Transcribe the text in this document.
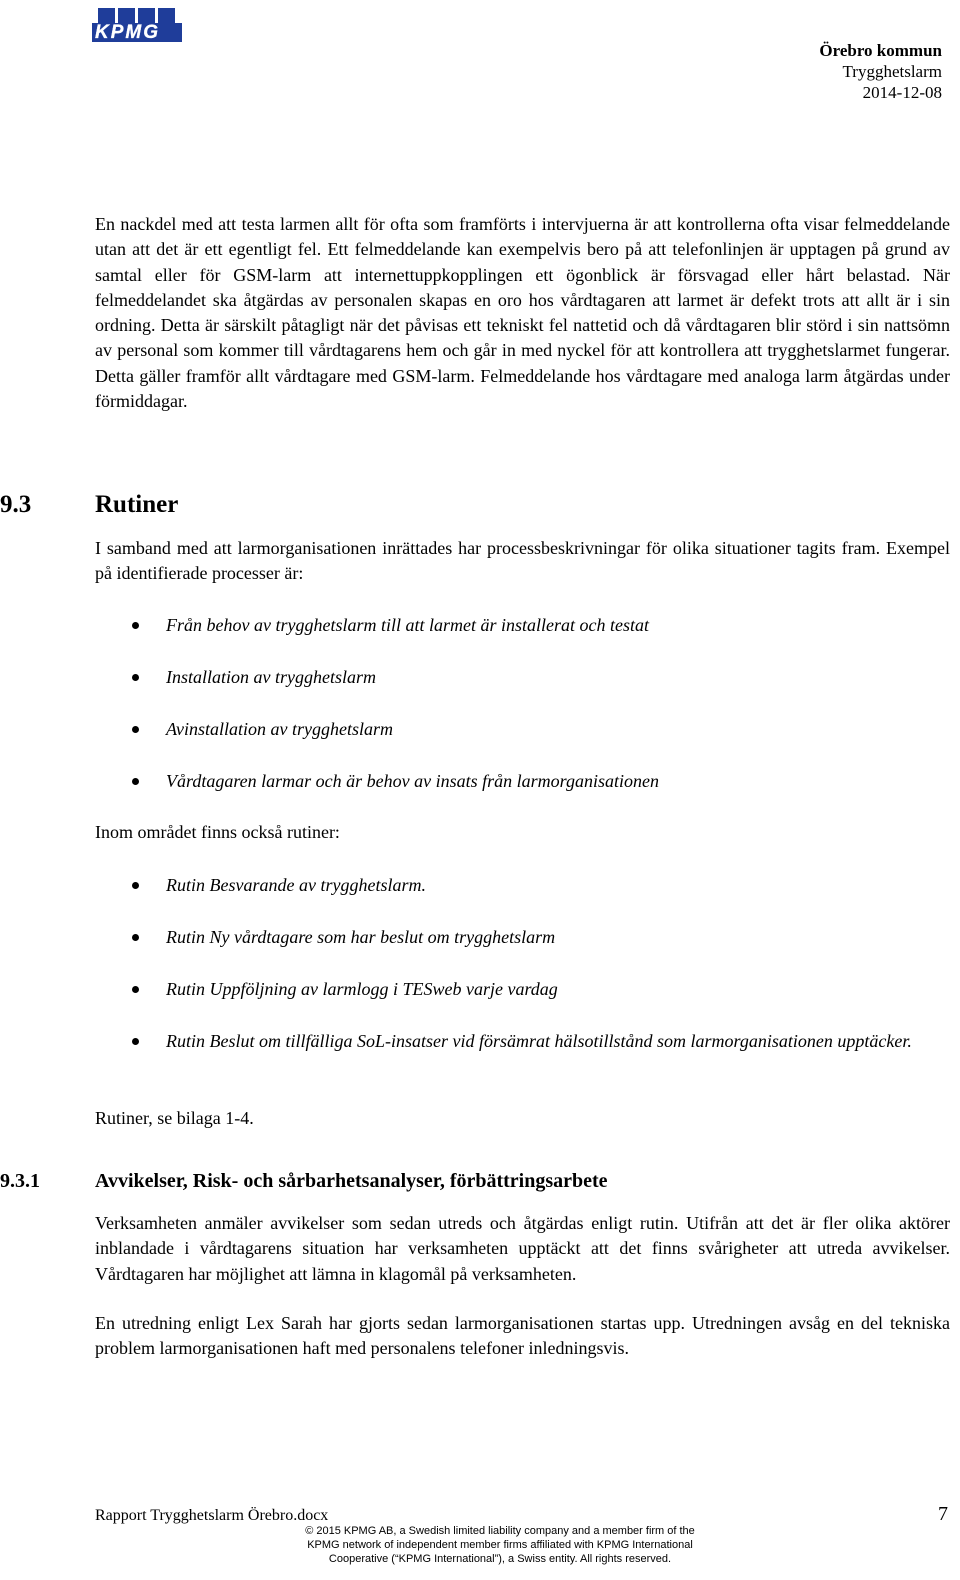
KPMG
Örebro kommun
Trygghetslarm
2014-12-08

En nackdel med att testa larmen allt för ofta som framförts i intervjuerna är att kontrollerna ofta visar felmeddelande utan att det är ett egentligt fel. Ett felmeddelande kan exempelvis bero på att telefonlinjen är upptagen på grund av samtal eller för GSM-larm att internettuppkopplingen ett ögonblick är försvagad eller hårt belastad. När felmeddelandet ska åtgärdas av personalen skapas en oro hos vårdtagaren att larmet är defekt trots att allt är i sin ordning. Detta är särskilt påtagligt när det påvisas ett tekniskt fel nattetid och då vårdtagaren blir störd i sin nattsömn av personal som kommer till vårdtagarens hem och går in med nyckel för att kontrollera att trygghetslarmet fungerar. Detta gäller framför allt vårdtagare med GSM-larm. Felmeddelande hos vårdtagare med analoga larm åtgärdas under förmiddagar.

9.3	Rutiner

I samband med att larmorganisationen inrättades har processbeskrivningar för olika situationer tagits fram. Exempel på identifierade processer är:

Från behov av trygghetslarm till att larmet är installerat och testat
Installation av trygghetslarm
Avinstallation av trygghetslarm
Vårdtagaren larmar och är behov av insats från larmorganisationen

Inom området finns också rutiner:

Rutin Besvarande av trygghetslarm.
Rutin Ny vårdtagare som har beslut om trygghetslarm
Rutin Uppföljning av larmlogg i TESweb varje vardag
Rutin Beslut om tillfälliga SoL-insatser vid försämrat hälsotillstånd som larmorganisationen upptäcker.

Rutiner, se bilaga 1-4.

9.3.1	Avvikelser, Risk- och sårbarhetsanalyser, förbättringsarbete

Verksamheten anmäler avvikelser som sedan utreds och åtgärdas enligt rutin. Utifrån att det är fler olika aktörer inblandade i vårdtagarens situation har verksamheten upptäckt att det finns svårigheter att utreda avvikelser. Vårdtagaren har möjlighet att lämna in klagomål på verksamheten.

En utredning enligt Lex Sarah har gjorts sedan larmorganisationen startas upp. Utredningen avsåg en del tekniska problem larmorganisationen haft med personalens telefoner inledningsvis.

Rapport Trygghetslarm Örebro.docx	7
© 2015 KPMG AB, a Swedish limited liability company and a member firm of the
KPMG network of independent member firms affiliated with KPMG International
Cooperative (“KPMG International”), a Swiss entity. All rights reserved.
